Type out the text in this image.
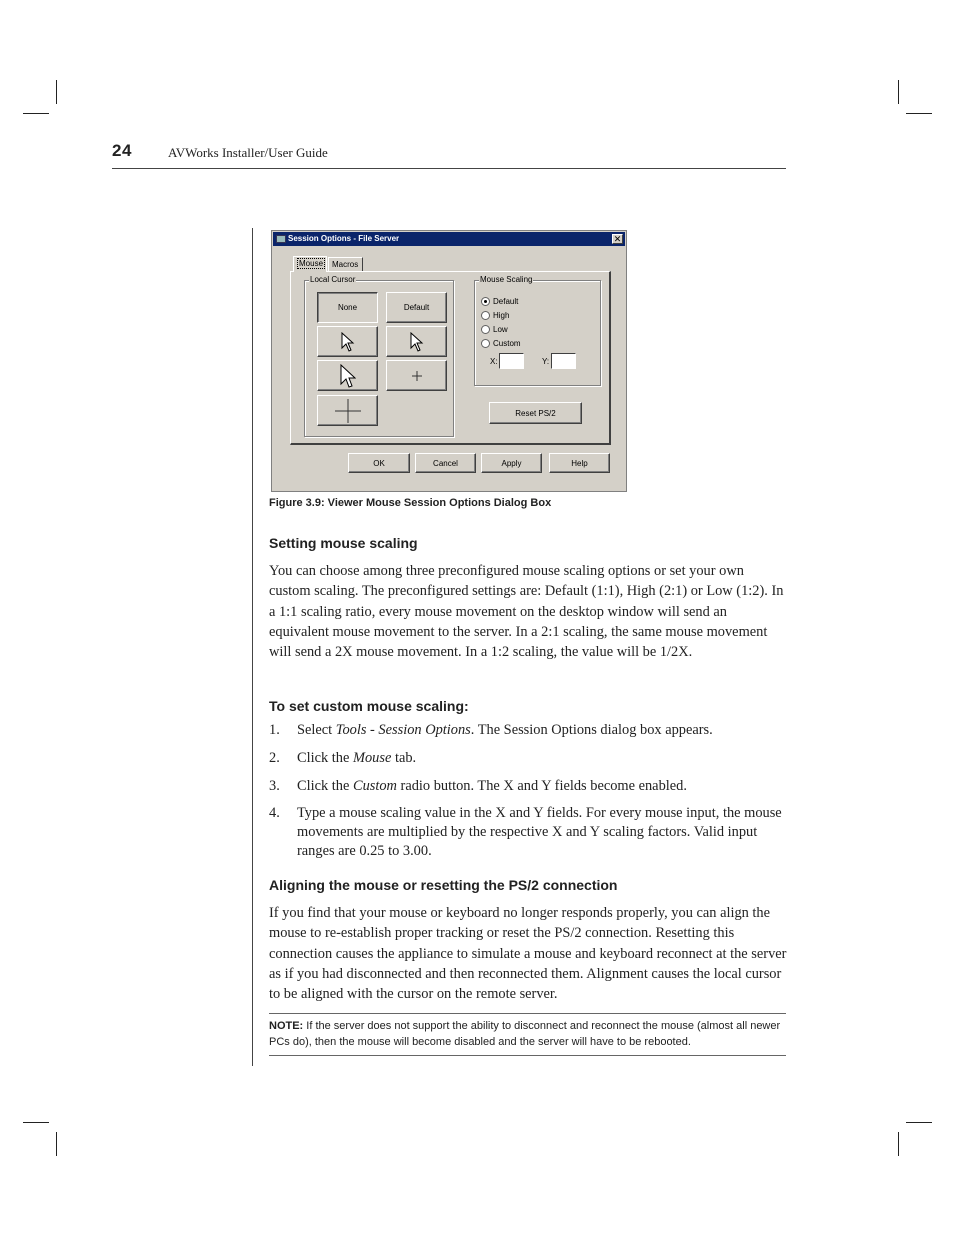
24	AVWorks Installer/User Guide
Session Options - File Server	✕
Mouse	Macros
Local Cursor
None	Default
Mouse Scaling
Default
High
Low
Custom
X:	Y:
Reset PS/2
OK	Cancel	Apply	Help
Figure 3.9: Viewer Mouse Session Options Dialog Box
Setting mouse scaling

You can choose among three preconfigured mouse scaling options or set your own custom scaling. The preconfigured settings are: Default (1:1), High (2:1) or Low (1:2). In a 1:1 scaling ratio, every mouse movement on the desktop window will send an equivalent mouse movement to the server. In a 2:1 scaling, the same mouse movement will send a 2X mouse movement. In a 1:2 scaling, the value will be 1/2X.

To set custom mouse scaling:
1. Select Tools - Session Options. The Session Options dialog box appears.
2. Click the Mouse tab.
3. Click the Custom radio button. The X and Y fields become enabled.
4. Type a mouse scaling value in the X and Y fields. For every mouse input, the mouse movements are multiplied by the respective X and Y scaling factors. Valid input ranges are 0.25 to 3.00.
Aligning the mouse or resetting the PS/2 connection

If you find that your mouse or keyboard no longer responds properly, you can align the mouse to re-establish proper tracking or reset the PS/2 connection. Resetting this connection causes the appliance to simulate a mouse and keyboard reconnect at the server as if you had disconnected and then reconnected them. Alignment causes the local cursor to be aligned with the cursor on the remote server.

NOTE: If the server does not support the ability to disconnect and reconnect the mouse (almost all newer PCs do), then the mouse will become disabled and the server will have to be rebooted.
